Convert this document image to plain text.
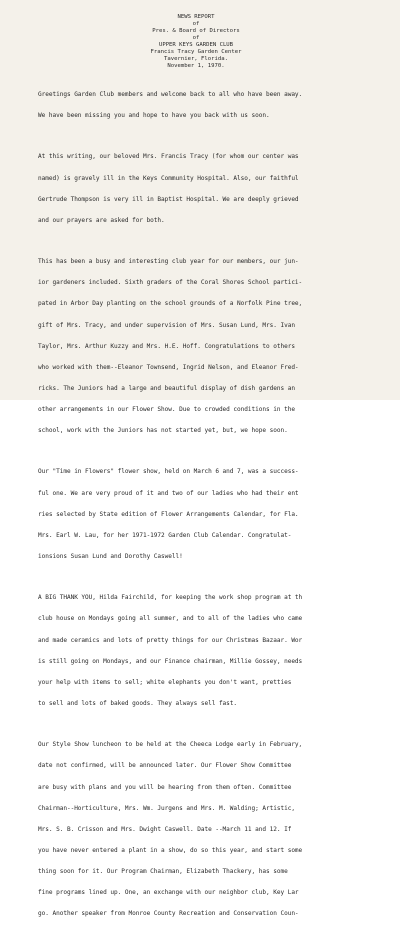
NEWS REPORT
of
Pres. & Board of Directors
of
UPPER KEYS GARDEN CLUB
Francis Tracy Garden Center
Tavernier, Florida.
November 1, 1970.

Greetings Garden Club members and welcome back to all who have been away.

We have been missing you and hope to have you back with us soon.

At this writing, our beloved Mrs. Francis Tracy (for whom our center was

named) is gravely ill in the Keys Community Hospital. Also, our faithful

Gertrude Thompson is very ill in Baptist Hospital. We are deeply grieved

and our prayers are asked for both.

This has been a busy and interesting club year for our members, our jun-

ior gardeners included. Sixth graders of the Coral Shores School partici-

pated in Arbor Day planting on the school grounds of a Norfolk Pine tree,

gift of Mrs. Tracy, and under supervision of Mrs. Susan Lund, Mrs. Ivan

Taylor, Mrs. Arthur Kuzzy and Mrs. H.E. Hoff. Congratulations to others

who worked with them--Eleanor Townsend, Ingrid Nelson, and Eleanor Fred-

ricks. The Juniors had a large and beautiful display of dish gardens an

other arrangements in our Flower Show. Due to crowded conditions in the

school, work with the Juniors has not started yet, but, we hope soon.

Our "Time in Flowers" flower show, held on March 6 and 7, was a success-

ful one. We are very proud of it and two of our ladies who had their ent

ries selected by State edition of Flower Arrangements Calendar, for Fla.

Mrs. Earl W. Lau, for her 1971-1972 Garden Club Calendar. Congratulat-

ionsions Susan Lund and Dorothy Caswell!

A BIG THANK YOU, Hilda Fairchild, for keeping the work shop program at th

club house on Mondays going all summer, and to all of the ladies who came

and made ceramics and lots of pretty things for our Christmas Bazaar. Wor

is still going on Mondays, and our Finance chairman, Millie Gossey, needs

your help with items to sell; white elephants you don't want, pretties

to sell and lots of baked goods. They always sell fast.

Our Style Show luncheon to be held at the Cheeca Lodge early in February,

date not confirmed, will be announced later. Our Flower Show Committee

are busy with plans and you will be hearing from them often. Committee

Chairman--Horticulture, Mrs. Wm. Jurgens and Mrs. M. Walding; Artistic,

Mrs. S. B. Crisson and Mrs. Dwight Caswell. Date --March 11 and 12. If

you have never entered a plant in a show, do so this year, and start some

thing soon for it. Our Program Chairman, Elizabeth Thackery, has some

fine programs lined up. One, an exchange with our neighbor club, Key Lar

go. Another speaker from Monroe County Recreation and Conservation Coun-
